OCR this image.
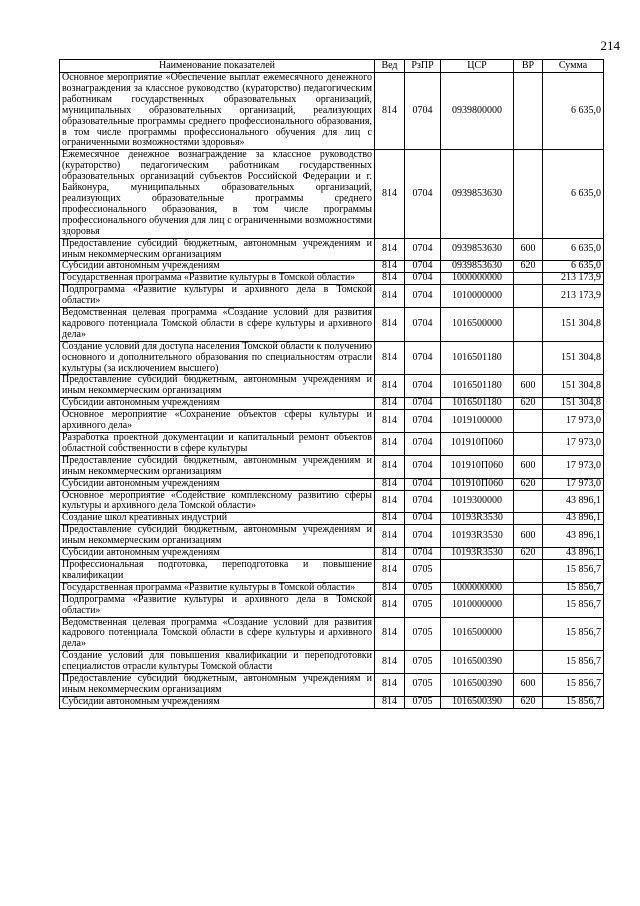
214
Наименование показателей	Вед	РзПР	ЦСР	ВР	Сумма
Основное мероприятие «Обеспечение выплат ежемесячного денежного вознаграждения за классное руководство (кураторство) педагогическим работникам государственных образовательных организаций, муниципальных образовательных организаций, реализующих образовательные программы среднего профессионального образования, в том числе программы профессионального обучения для лиц с ограниченными возможностями здоровья»	814	0704	0939800000		6 635,0
Ежемесячное денежное вознаграждение за классное руководство (кураторство) педагогическим работникам государственных образовательных организаций субъектов Российской Федерации и г. Байконура, муниципальных образовательных организаций, реализующих образовательные программы среднего профессионального образования, в том числе программы профессионального обучения для лиц с ограниченными возможностями здоровья	814	0704	0939853630		6 635,0
Предоставление субсидий бюджетным, автономным учреждениям и иным некоммерческим организациям	814	0704	0939853630	600	6 635,0
Субсидии автономным учреждениям	814	0704	0939853630	620	6 635,0
Государственная программа «Развитие культуры в Томской области»	814	0704	1000000000		213 173,9
Подпрограмма «Развитие культуры и архивного дела в Томской области»	814	0704	1010000000		213 173,9
Ведомственная целевая программа «Создание условий для развития кадрового потенциала Томской области в сфере культуры и архивного дела»	814	0704	1016500000		151 304,8
Создание условий для доступа населения Томской области к получению основного и дополнительного образования по специальностям отрасли культуры (за исключением высшего)	814	0704	1016501180		151 304,8
Предоставление субсидий бюджетным, автономным учреждениям и иным некоммерческим организациям	814	0704	1016501180	600	151 304,8
Субсидии автономным учреждениям	814	0704	1016501180	620	151 304,8
Основное мероприятие «Сохранение объектов сферы культуры и архивного дела»	814	0704	1019100000		17 973,0
Разработка проектной документации и капитальный ремонт объектов областной собственности в сфере культуры	814	0704	101910П060		17 973,0
Предоставление субсидий бюджетным, автономным учреждениям и иным некоммерческим организациям	814	0704	101910П060	600	17 973,0
Субсидии автономным учреждениям	814	0704	101910П060	620	17 973,0
Основное мероприятие «Содействие комплексному развитию сферы культуры и архивного дела Томской области»	814	0704	1019300000		43 896,1
Создание школ креативных индустрий	814	0704	10193R3530		43 896,1
Предоставление субсидий бюджетным, автономным учреждениям и иным некоммерческим организациям	814	0704	10193R3530	600	43 896,1
Субсидии автономным учреждениям	814	0704	10193R3530	620	43 896,1
Профессиональная подготовка, переподготовка и повышение квалификации	814	0705			15 856,7
Государственная программа «Развитие культуры в Томской области»	814	0705	1000000000		15 856,7
Подпрограмма «Развитие культуры и архивного дела в Томской области»	814	0705	1010000000		15 856,7
Ведомственная целевая программа «Создание условий для развития кадрового потенциала Томской области в сфере культуры и архивного дела»	814	0705	1016500000		15 856,7
Создание условий для повышения квалификации и переподготовки специалистов отрасли культуры Томской области	814	0705	1016500390		15 856,7
Предоставление субсидий бюджетным, автономным учреждениям и иным некоммерческим организациям	814	0705	1016500390	600	15 856,7
Субсидии автономным учреждениям	814	0705	1016500390	620	15 856,7
